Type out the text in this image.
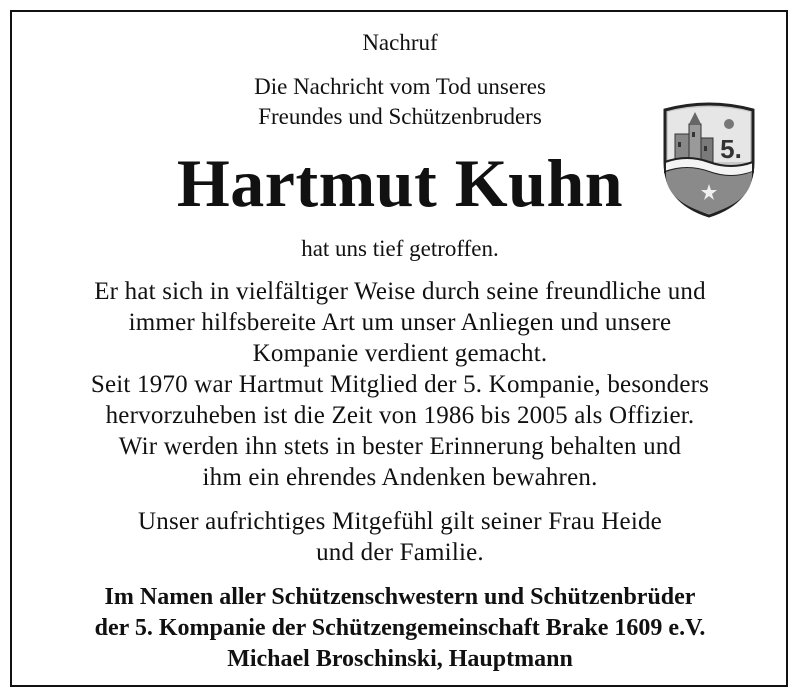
Nachruf
Die Nachricht vom Tod unseres
Freundes und Schützenbruders
Hartmut Kuhn
hat uns tief getroffen.
Er hat sich in vielfältiger Weise durch seine freundliche und
immer hilfsbereite Art um unser Anliegen und unsere
Kompanie verdient gemacht.
Seit 1970 war Hartmut Mitglied der 5. Kompanie, besonders
hervorzuheben ist die Zeit von 1986 bis 2005 als Offizier.
Wir werden ihn stets in bester Erinnerung behalten und
ihm ein ehrendes Andenken bewahren.
Unser aufrichtiges Mitgefühl gilt seiner Frau Heide
und der Familie.
Im Namen aller Schützenschwestern und Schützenbrüder
der 5. Kompanie der Schützengemeinschaft Brake 1609 e.V.
Michael Broschinski, Hauptmann
5.
